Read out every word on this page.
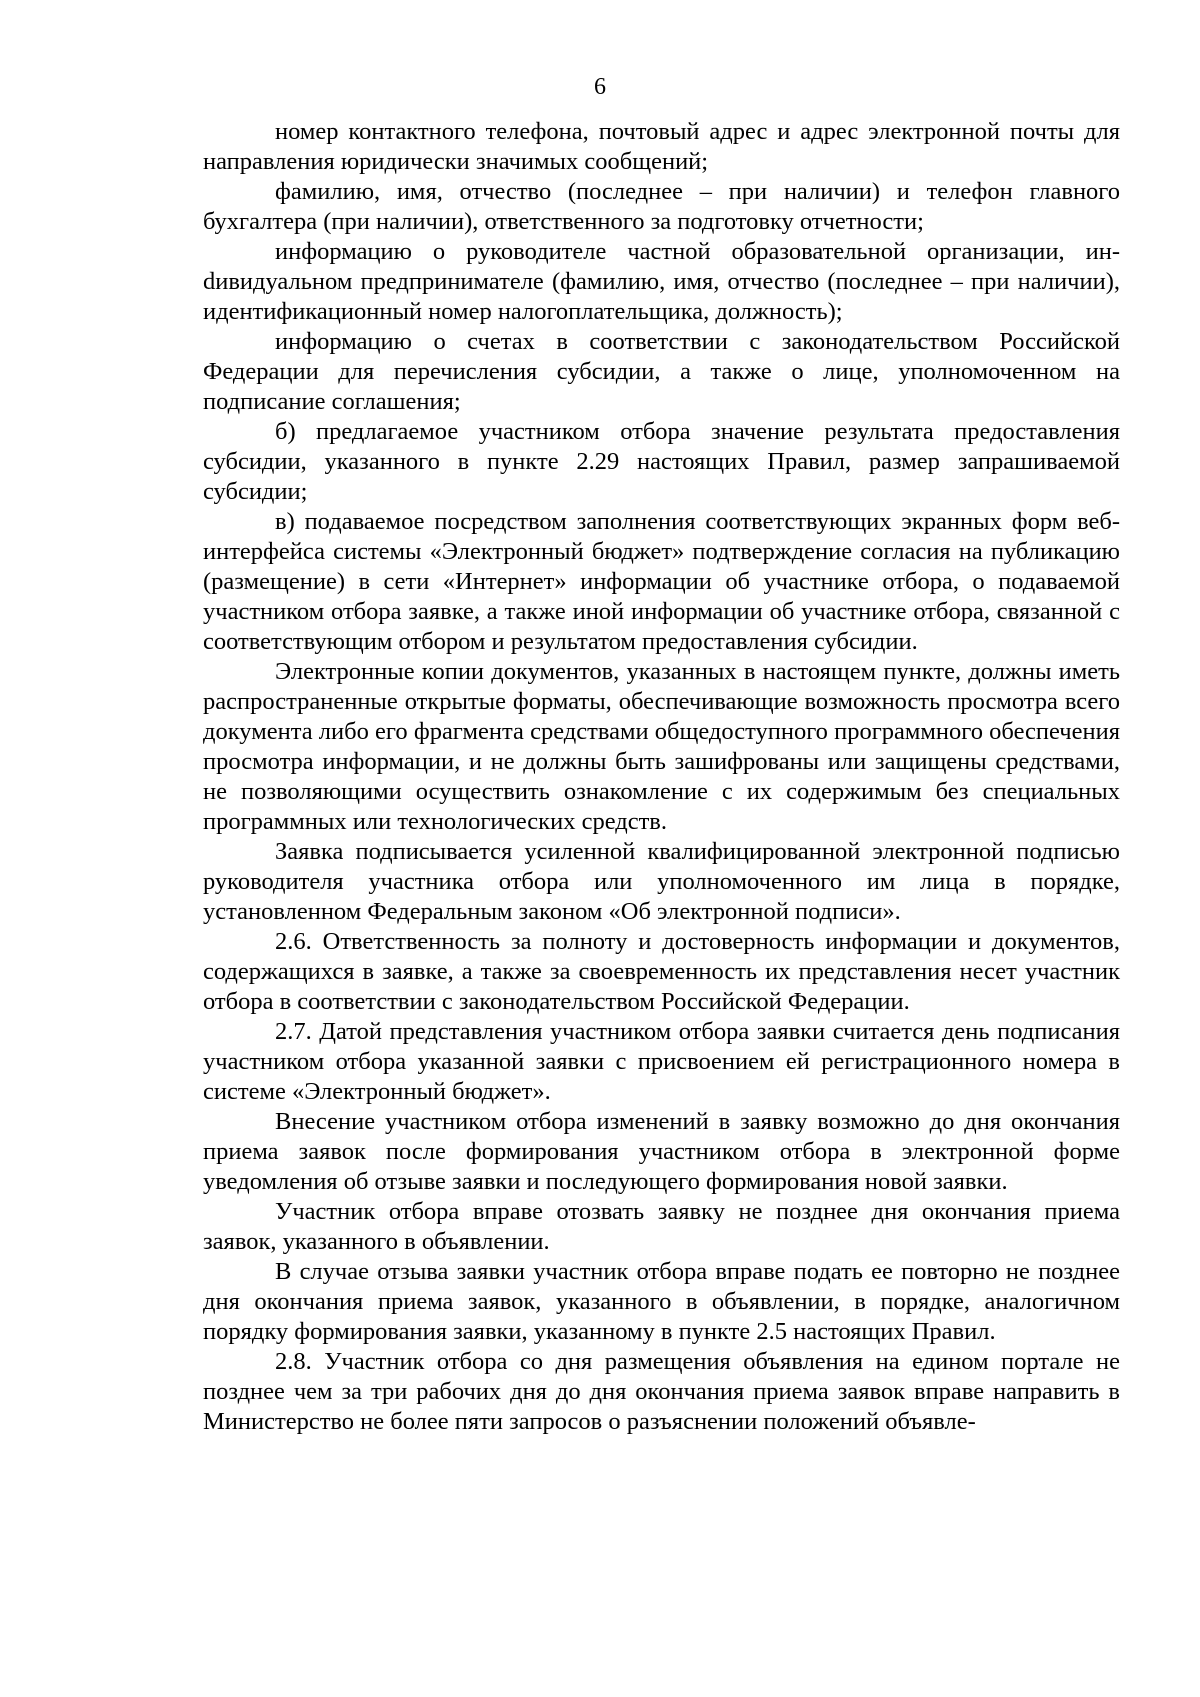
6

номер контактного телефона, почтовый адрес и адрес электронной почты для направления юридически значимых сообщений;

фамилию, имя, отчество (последнее – при наличии) и телефон главного бухгалтера (при наличии), ответственного за подготовку отчетности;

информацию о руководителе частной образовательной организации, инdивидуальном предпринимателе (фамилию, имя, отчество (последнее – при наличии), идентификационный номер налогоплательщика, должность);

информацию о счетах в соответствии с законодательством Российской Федерации для перечисления субсидии, а также о лице, уполномоченном на подписание соглашения;

б) предлагаемое участником отбора значение результата предоставления субсидии, указанного в пункте 2.29 настоящих Правил, размер запрашиваемой субсидии;

в) подаваемое посредством заполнения соответствующих экранных форм веб-интерфейса системы «Электронный бюджет» подтверждение согласия на публикацию (размещение) в сети «Интернет» информации об участнике отбора, о подаваемой участником отбора заявке, а также иной информации об участнике отбора, связанной с соответствующим отбором и результатом предоставления субсидии.

Электронные копии документов, указанных в настоящем пункте, должны иметь распространенные открытые форматы, обеспечивающие возможность просмотра всего документа либо его фрагмента средствами общедоступного программного обеспечения просмотра информации, и не должны быть зашифрованы или защищены средствами, не позволяющими осуществить ознакомление с их содержимым без специальных программных или технологических средств.

Заявка подписывается усиленной квалифицированной электронной подписью руководителя участника отбора или уполномоченного им лица в порядке, установленном Федеральным законом «Об электронной подписи».

2.6. Ответственность за полноту и достоверность информации и документов, содержащихся в заявке, а также за своевременность их представления несет участник отбора в соответствии с законодательством Российской Федерации.

2.7. Датой представления участником отбора заявки считается день подписания участником отбора указанной заявки с присвоением ей регистрационного номера в системе «Электронный бюджет».

Внесение участником отбора изменений в заявку возможно до дня окончания приема заявок после формирования участником отбора в электронной форме уведомления об отзыве заявки и последующего формирования новой заявки.

Участник отбора вправе отозвать заявку не позднее дня окончания приема заявок, указанного в объявлении.

В случае отзыва заявки участник отбора вправе подать ее повторно не позднее дня окончания приема заявок, указанного в объявлении, в порядке, аналогичном порядку формирования заявки, указанному в пункте 2.5 настоящих Правил.

2.8. Участник отбора со дня размещения объявления на едином портале не позднее чем за три рабочих дня до дня окончания приема заявок вправе направить в Министерство не более пяти запросов о разъяснении положений объявле-
